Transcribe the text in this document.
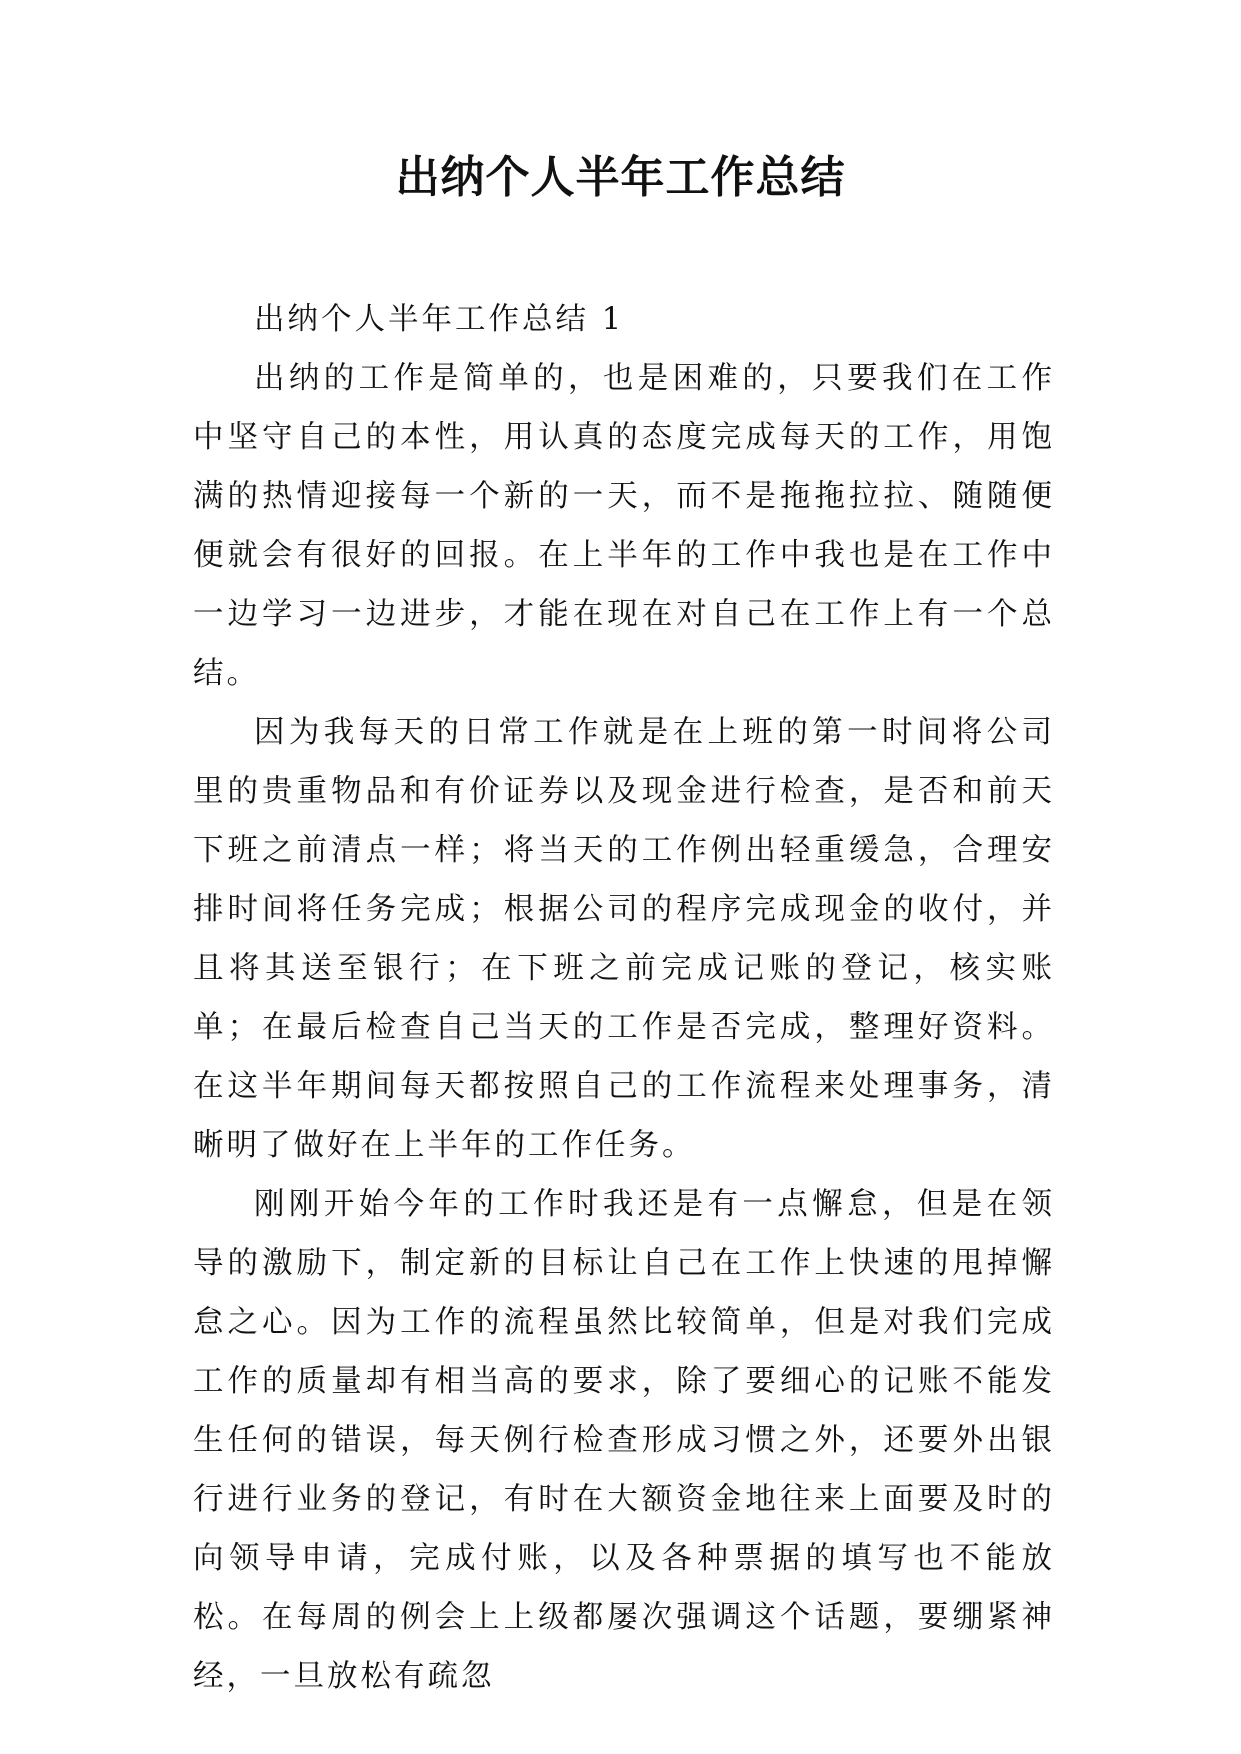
出纳个人半年工作总结

出纳个人半年工作总结 1

出纳的工作是简单的，也是困难的，只要我们在工作中坚守自己的本性，用认真的态度完成每天的工作，用饱满的热情迎接每一个新的一天，而不是拖拖拉拉、随随便便就会有很好的回报。在上半年的工作中我也是在工作中一边学习一边进步，才能在现在对自己在工作上有一个总结。

因为我每天的日常工作就是在上班的第一时间将公司里的贵重物品和有价证券以及现金进行检查，是否和前天下班之前清点一样；将当天的工作例出轻重缓急，合理安排时间将任务完成；根据公司的程序完成现金的收付，并且将其送至银行；在下班之前完成记账的登记，核实账单；在最后检查自己当天的工作是否完成，整理好资料。在这半年期间每天都按照自己的工作流程来处理事务，清晰明了做好在上半年的工作任务。

刚刚开始今年的工作时我还是有一点懈怠，但是在领导的激励下，制定新的目标让自己在工作上快速的甩掉懈怠之心。因为工作的流程虽然比较简单，但是对我们完成工作的质量却有相当高的要求，除了要细心的记账不能发生任何的错误，每天例行检查形成习惯之外，还要外出银行进行业务的登记，有时在大额资金地往来上面要及时的向领导申请，完成付账，以及各种票据的填写也不能放松。在每周的例会上上级都屡次强调这个话题，要绷紧神经，一旦放松有疏忽
